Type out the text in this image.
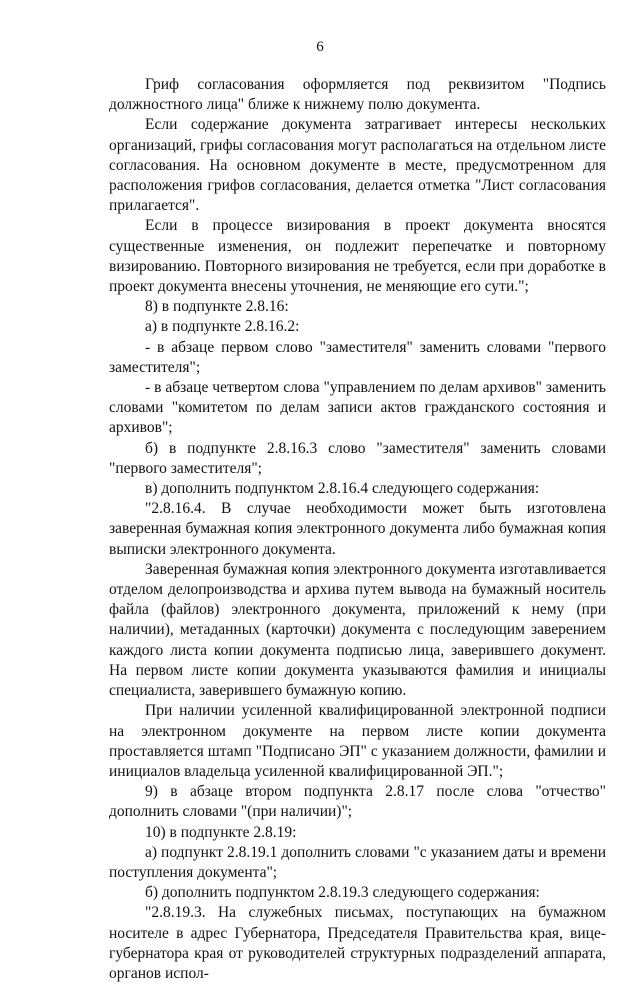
6

Гриф согласования оформляется под реквизитом "Подпись должностного лица" ближе к нижнему полю документа.

Если содержание документа затрагивает интересы нескольких организаций, грифы согласования могут располагаться на отдельном листе согласования. На основном документе в месте, предусмотренном для расположения грифов согласования, делается отметка "Лист согласования прилагается".

Если в процессе визирования в проект документа вносятся существенные изменения, он подлежит перепечатке и повторному визированию. Повторного визирования не требуется, если при доработке в проект документа внесены уточнения, не меняющие его сути.";

8) в подпункте 2.8.16:

а) в подпункте 2.8.16.2:

- в абзаце первом слово "заместителя" заменить словами "первого заместителя";

- в абзаце четвертом слова "управлением по делам архивов" заменить словами "комитетом по делам записи актов гражданского состояния и архивов";

б) в подпункте 2.8.16.3 слово "заместителя" заменить словами "первого заместителя";

в) дополнить подпунктом 2.8.16.4 следующего содержания:

"2.8.16.4. В случае необходимости может быть изготовлена заверенная бумажная копия электронного документа либо бумажная копия выписки электронного документа.

Заверенная бумажная копия электронного документа изготавливается отделом делопроизводства и архива путем вывода на бумажный носитель файла (файлов) электронного документа, приложений к нему (при наличии), метаданных (карточки) документа с последующим заверением каждого листа копии документа подписью лица, заверившего документ. На первом листе копии документа указываются фамилия и инициалы специалиста, заверившего бумажную копию.

При наличии усиленной квалифицированной электронной подписи на электронном документе на первом листе копии документа проставляется штамп "Подписано ЭП" с указанием должности, фамилии и инициалов владельца усиленной квалифицированной ЭП.";

9) в абзаце втором подпункта 2.8.17 после слова "отчество" дополнить словами "(при наличии)";

10) в подпункте 2.8.19:

а) подпункт 2.8.19.1 дополнить словами "с указанием даты и времени поступления документа";

б) дополнить подпунктом 2.8.19.3 следующего содержания:

"2.8.19.3. На служебных письмах, поступающих на бумажном носителе в адрес Губернатора, Председателя Правительства края, вице-губернатора края от руководителей структурных подразделений аппарата, органов испол-
